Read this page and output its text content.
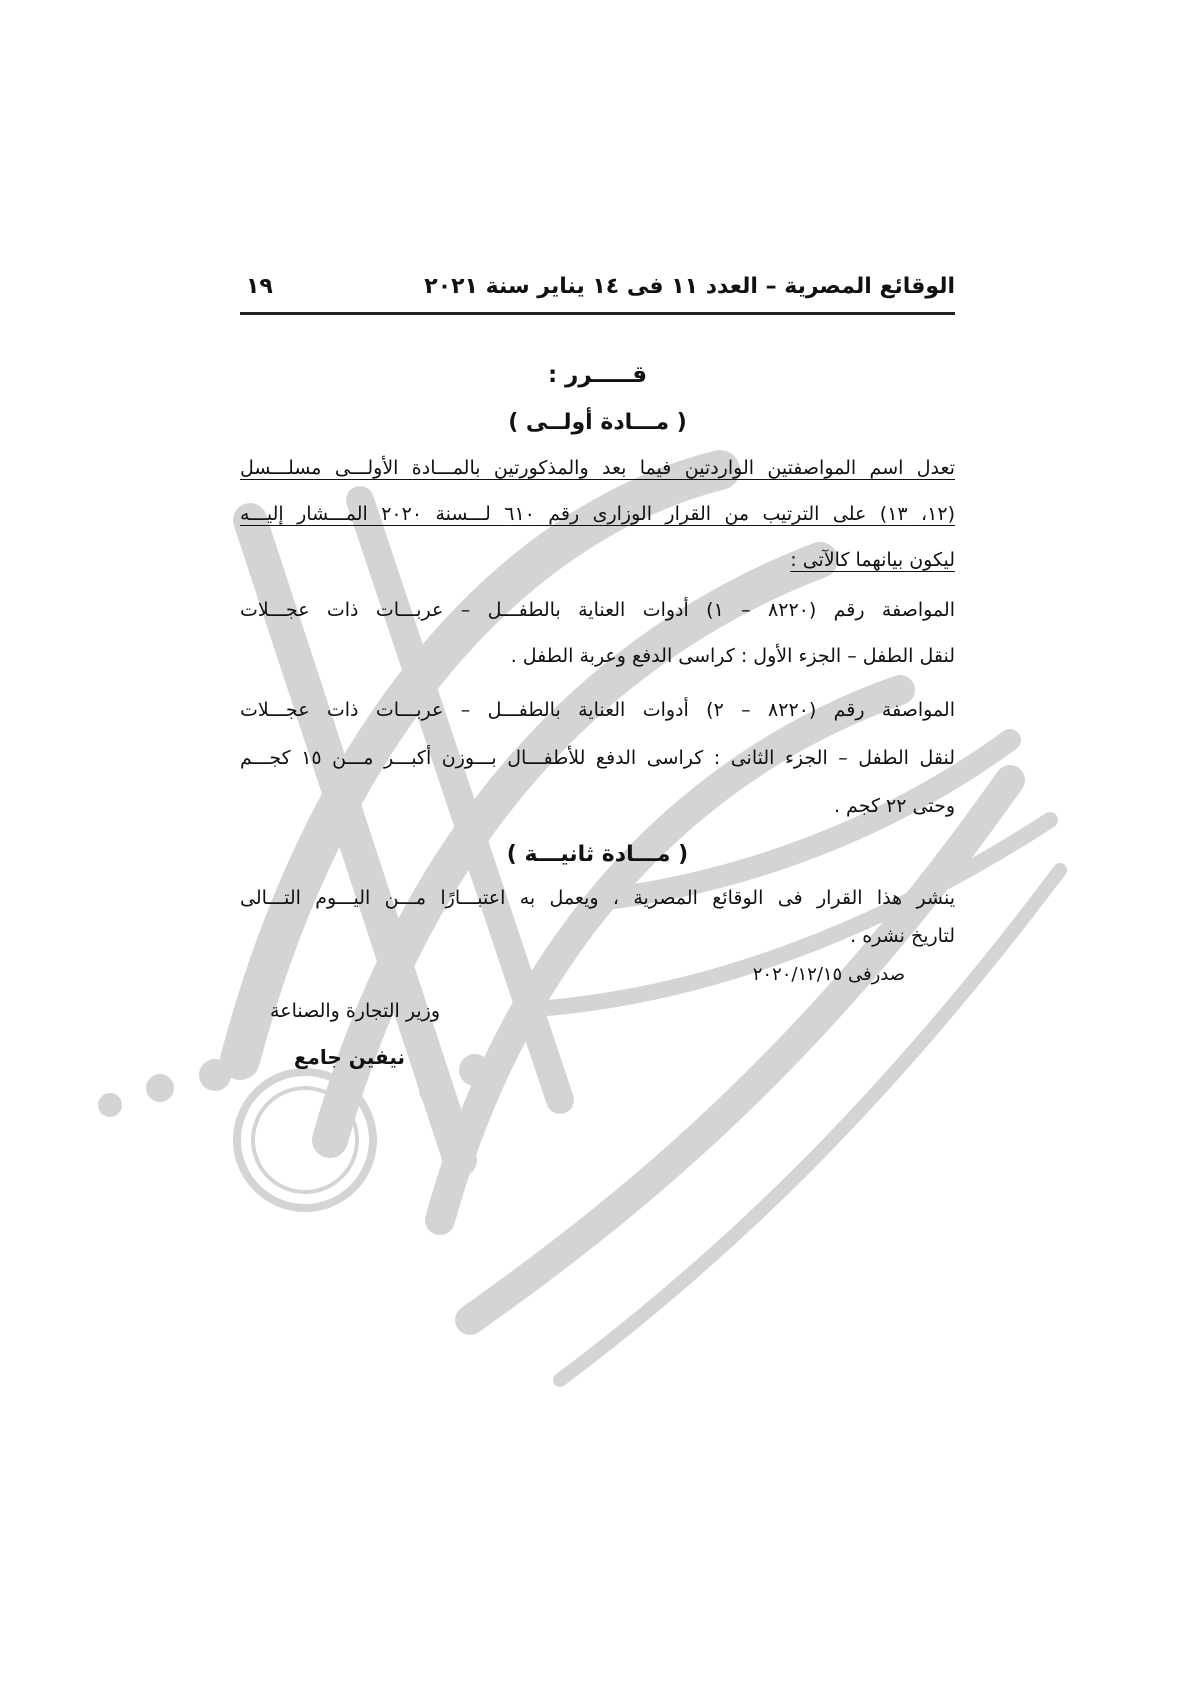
الوقائع المصرية – العدد ١١ فى ١٤ يناير سنة ٢٠٢١
١٩
قـــــرر :
( مـــادة أولــى )
تعدل اسم المواصفتين الواردتين فيما بعد والمذكورتين بالمـــادة الأولـــى مسلـــسل
(١٢، ١٣) على الترتيب من القرار الوزارى رقم ٦١٠ لـــسنة ٢٠٢٠ المـــشار إليـــه
ليكون بيانهما كالآتى :
المواصفة رقم (٨٢٢٠ – ١) أدوات العناية بالطفـــل – عربـــات ذات عجـــلات
لنقل الطفل – الجزء الأول : كراسى الدفع وعربة الطفل .
المواصفة رقم (٨٢٢٠ – ٢) أدوات العناية بالطفـــل – عربـــات ذات عجـــلات
لنقل الطفل – الجزء الثانى : كراسى الدفع للأطفـــال بـــوزن أكبـــر مـــن ١٥ كجـــم
وحتى ٢٢ كجم .
( مـــادة ثانيـــة )
ينشر هذا القرار فى الوقائع المصرية ، ويعمل به اعتبـــارًا مـــن اليـــوم التـــالى
لتاريخ نشره .
صدرفى ٢٠٢٠/١٢/١٥
وزير التجارة والصناعة
نيفين جامع
